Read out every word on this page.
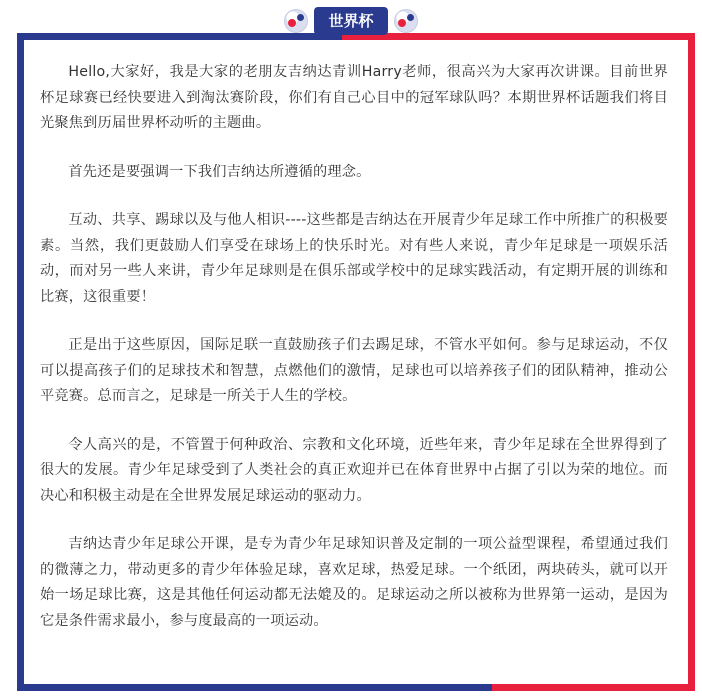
世界杯

Hello,大家好，我是大家的老朋友吉纳达青训Harry老师，很高兴为大家再次讲课。目前世界杯足球赛已经快要进入到淘汰赛阶段，你们有自己心目中的冠军球队吗？本期世界杯话题我们将目光聚焦到历届世界杯动听的主题曲。

首先还是要强调一下我们吉纳达所遵循的理念。

互动、共享、踢球以及与他人相识----这些都是吉纳达在开展青少年足球工作中所推广的积极要素。当然，我们更鼓励人们享受在球场上的快乐时光。对有些人来说，青少年足球是一项娱乐活动，而对另一些人来讲，青少年足球则是在俱乐部或学校中的足球实践活动，有定期开展的训练和比赛，这很重要！

正是出于这些原因，国际足联一直鼓励孩子们去踢足球，不管水平如何。参与足球运动，不仅可以提高孩子们的足球技术和智慧，点燃他们的激情，足球也可以培养孩子们的团队精神，推动公平竞赛。总而言之，足球是一所关于人生的学校。

令人高兴的是，不管置于何种政治、宗教和文化环境，近些年来，青少年足球在全世界得到了很大的发展。青少年足球受到了人类社会的真正欢迎并已在体育世界中占据了引以为荣的地位。而决心和积极主动是在全世界发展足球运动的驱动力。

吉纳达青少年足球公开课，是专为青少年足球知识普及定制的一项公益型课程，希望通过我们的微薄之力，带动更多的青少年体验足球，喜欢足球，热爱足球。一个纸团，两块砖头，就可以开始一场足球比赛，这是其他任何运动都无法媲及的。足球运动之所以被称为世界第一运动，是因为它是条件需求最小，参与度最高的一项运动。
